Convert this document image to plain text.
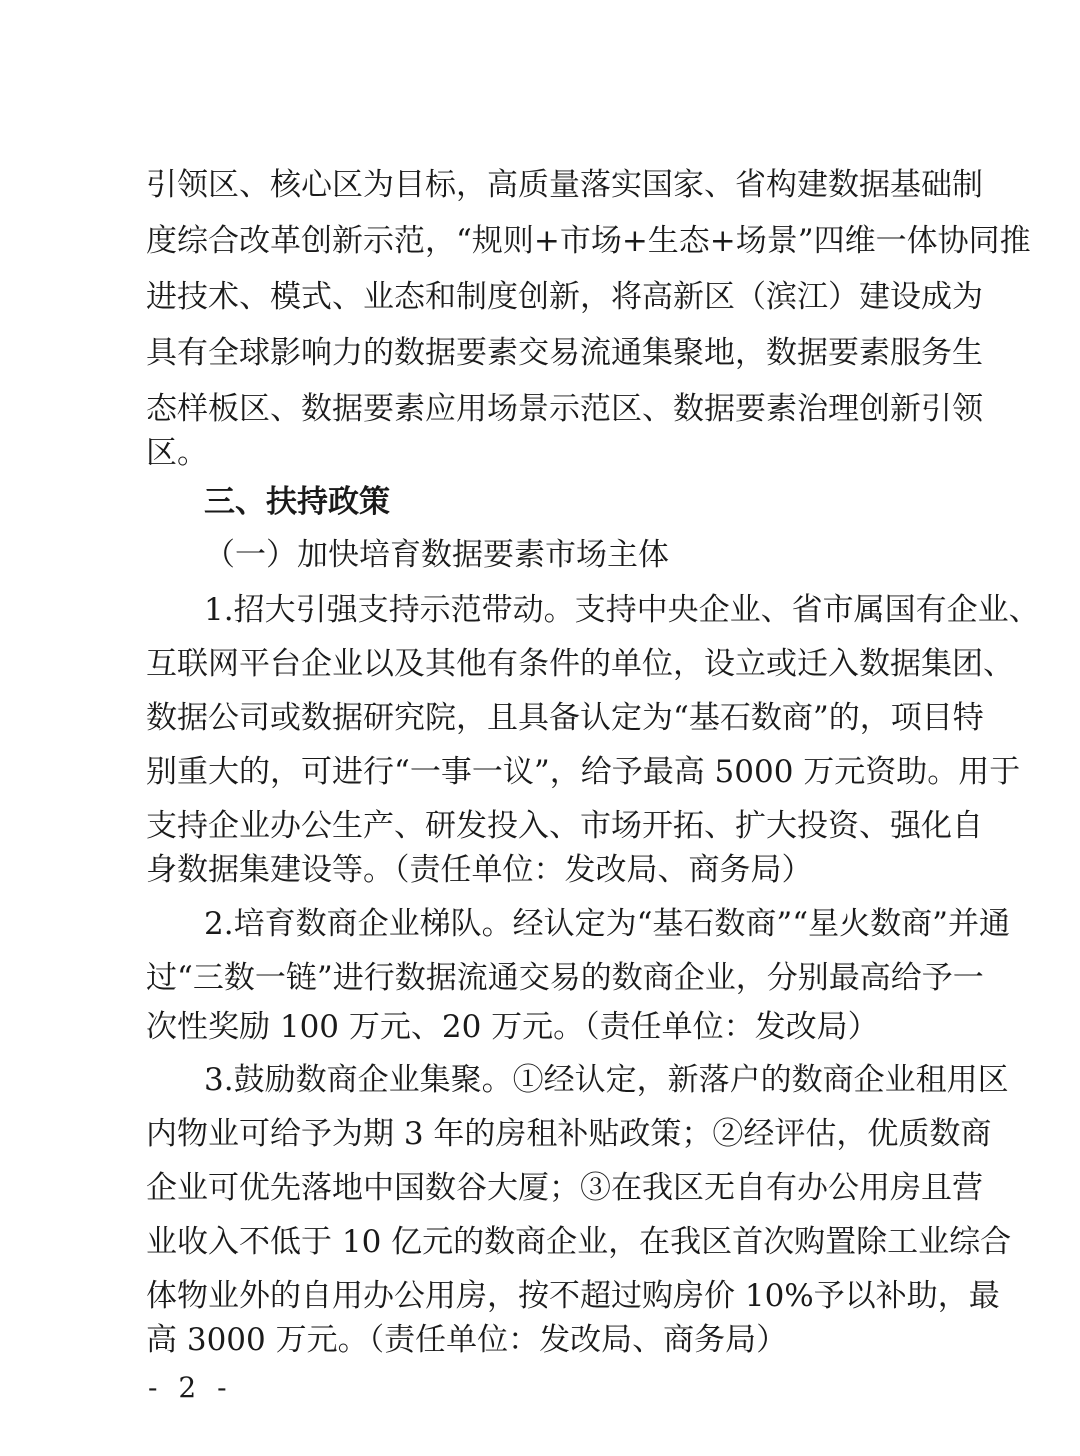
引领区、核心区为目标，高质量落实国家、省构建数据基础制
度综合改革创新示范，“规则+市场+生态+场景”四维一体协同推
进技术、模式、业态和制度创新，将高新区（滨江）建设成为
具有全球影响力的数据要素交易流通集聚地，数据要素服务生
态样板区、数据要素应用场景示范区、数据要素治理创新引领
区。
三、扶持政策
（一）加快培育数据要素市场主体
1.招大引强支持示范带动。支持中央企业、省市属国有企业、
互联网平台企业以及其他有条件的单位，设立或迁入数据集团、
数据公司或数据研究院，且具备认定为“基石数商”的，项目特
别重大的，可进行“一事一议”，给予最高 5000 万元资助。用于
支持企业办公生产、研发投入、市场开拓、扩大投资、强化自
身数据集建设等。（责任单位：发改局、商务局）
2.培育数商企业梯队。经认定为“基石数商”“星火数商”并通
过“三数一链”进行数据流通交易的数商企业，分别最高给予一
次性奖励 100 万元、20 万元。（责任单位：发改局）
3.鼓励数商企业集聚。①经认定，新落户的数商企业租用区
内物业可给予为期 3 年的房租补贴政策；②经评估，优质数商
企业可优先落地中国数谷大厦；③在我区无自有办公用房且营
业收入不低于 10 亿元的数商企业，在我区首次购置除工业综合
体物业外的自用办公用房，按不超过购房价 10%予以补助，最
高 3000 万元。（责任单位：发改局、商务局）
- 2 -
